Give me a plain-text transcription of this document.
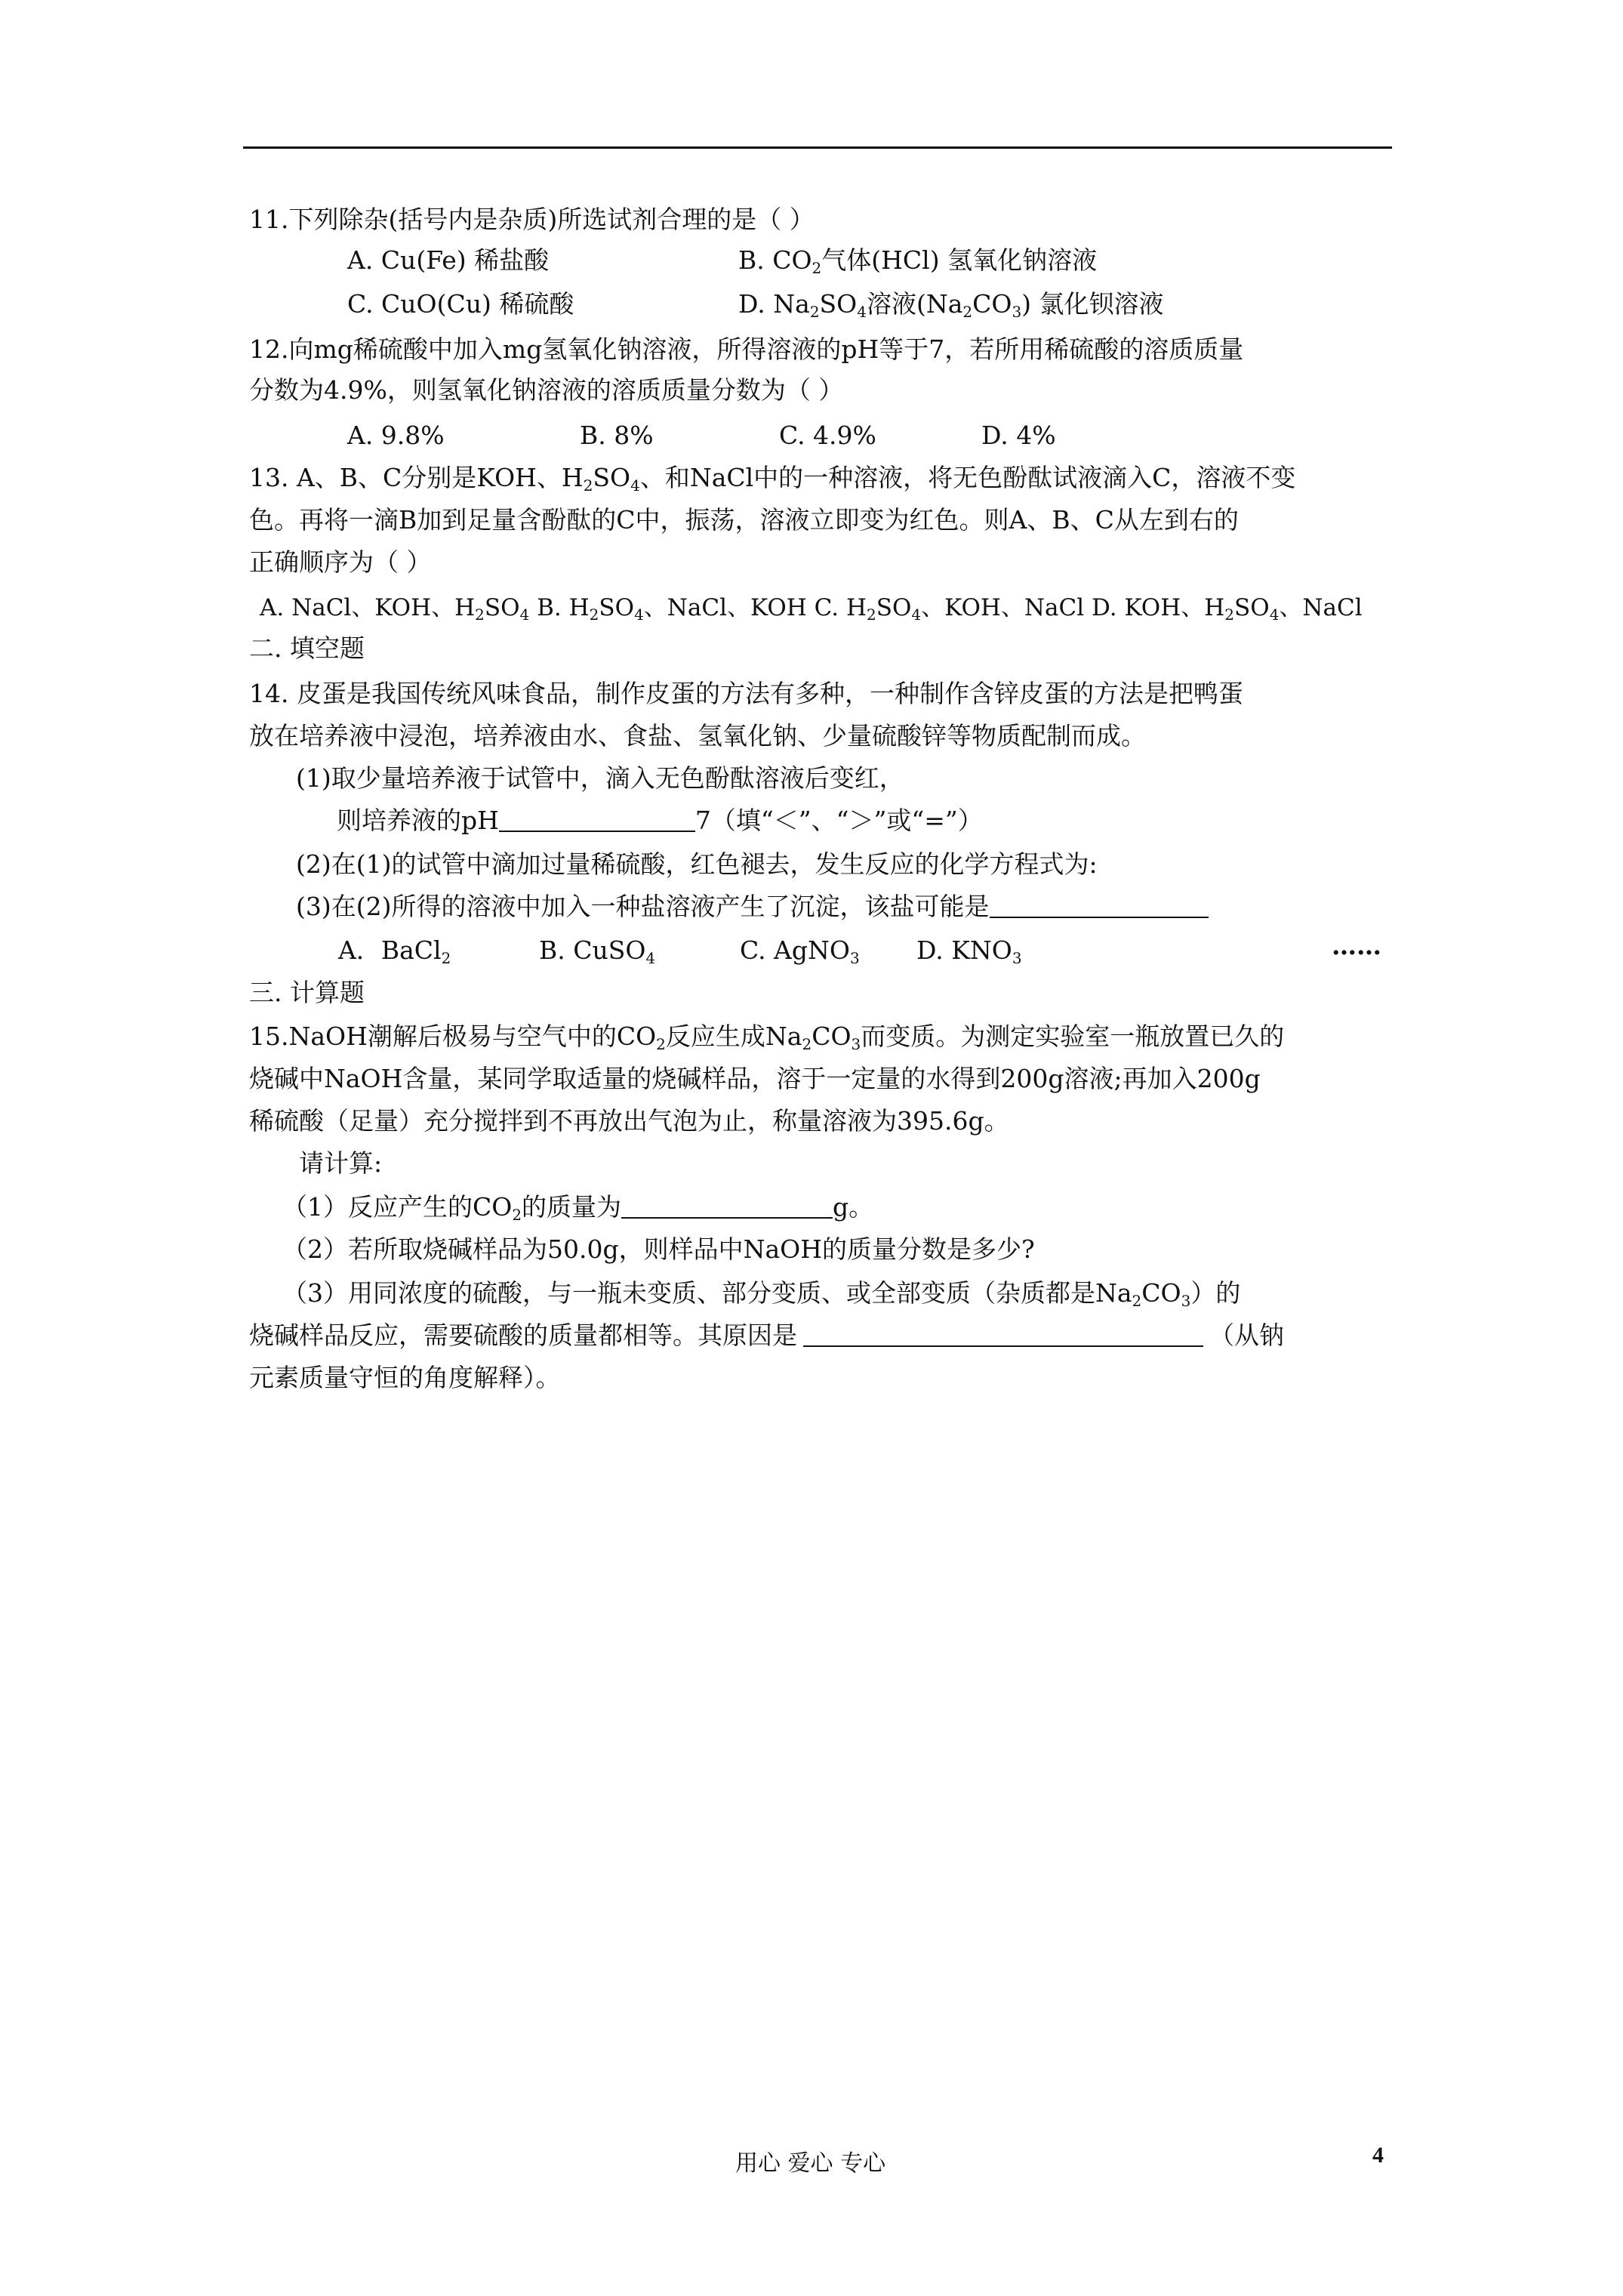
11.下列除杂(括号内是杂质)所选试剂合理的是（ ）
A. Cu(Fe) 稀盐酸	B. $CO_2$气体(HCl) 氢氧化钠溶液
C. CuO(Cu) 稀硫酸	D. $Na_2SO_4$溶液$(Na_2CO_3)$ 氯化钡溶液
12.向mg稀硫酸中加入mg氢氧化钠溶液，所得溶液的pH等于7，若所用稀硫酸的溶质质量
分数为4.9%，则氢氧化钠溶液的溶质质量分数为（ ）
A. 9.8%	B. 8%	C. 4.9%	D. 4%
13. A、B、C分别是KOH、$H_2SO_4$、和NaCl中的一种溶液，将无色酚酞试液滴入C，溶液不变
色。再将一滴B加到足量含酚酞的C中，振荡，溶液立即变为红色。则A、B、C从左到右的
正确顺序为（ ）
A. NaCl、KOH、$H_2SO_4$ B. $H_2SO_4$、NaCl、KOH C. $H_2SO_4$、KOH、NaCl D. KOH、$H_2SO_4$、NaCl
二. 填空题
14. 皮蛋是我国传统风味食品，制作皮蛋的方法有多种，一种制作含锌皮蛋的方法是把鸭蛋
放在培养液中浸泡，培养液由水、食盐、氢氧化钠、少量硫酸锌等物质配制而成。
(1)取少量培养液于试管中，滴入无色酚酞溶液后变红，
则培养液的pH	7（填“＜”、“＞”或“=”）
(2)在(1)的试管中滴加过量稀硫酸，红色褪去，发生反应的化学方程式为:
(3)在(2)所得的溶液中加入一种盐溶液产生了沉淀，该盐可能是
A．BaCl$_2$	B. CuSO$_4$	C. AgNO$_3$ D. $KNO_3$	……
三. 计算题
15.NaOH潮解后极易与空气中的$CO_2$反应生成$Na_2CO_3$而变质。为测定实验室一瓶放置已久的
烧碱中NaOH含量，某同学取适量的烧碱样品，溶于一定量的水得到200g溶液;再加入200g
稀硫酸（足量）充分搅拌到不再放出气泡为止，称量溶液为395.6g。
请计算:
（1）反应产生的$CO_2$的质量为	g。
（2）若所取烧碱样品为50.0g，则样品中NaOH的质量分数是多少?
（3）用同浓度的硫酸，与一瓶未变质、部分变质、或全部变质（杂质都是$Na_2CO_3$）的
烧碱样品反应，需要硫酸的质量都相等。其原因是	（从钠
元素质量守恒的角度解释）。
用心 爱心 专心	4
